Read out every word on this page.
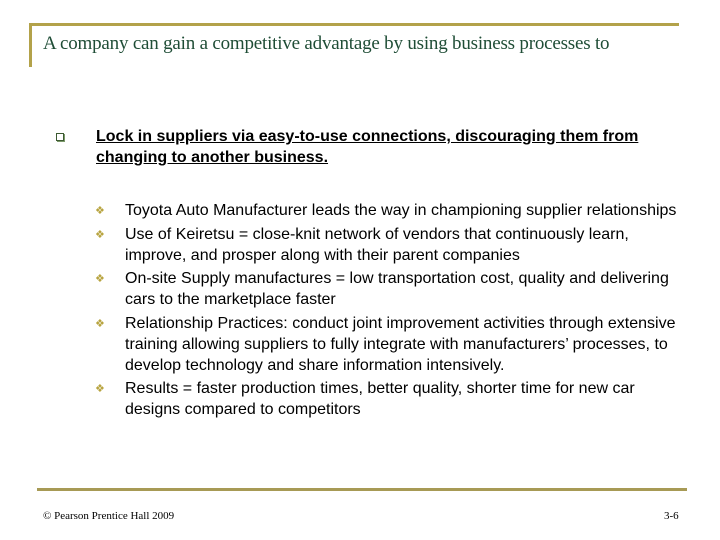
A company can gain a competitive advantage by using business processes to
Lock in suppliers via easy-to-use connections, discouraging them from changing to another business.
❖ Toyota Auto Manufacturer leads the way in championing supplier relationships
❖ Use of Keiretsu = close-knit network of vendors that continuously learn, improve, and prosper along with their parent companies
❖ On-site Supply manufactures = low transportation cost, quality and delivering cars to the marketplace faster
❖ Relationship Practices: conduct joint improvement activities through extensive training allowing suppliers to fully integrate with manufacturers’ processes, to develop technology and share information intensively.
❖ Results = faster production times, better quality, shorter time for new car designs compared to competitors
© Pearson Prentice Hall 2009	3-6
